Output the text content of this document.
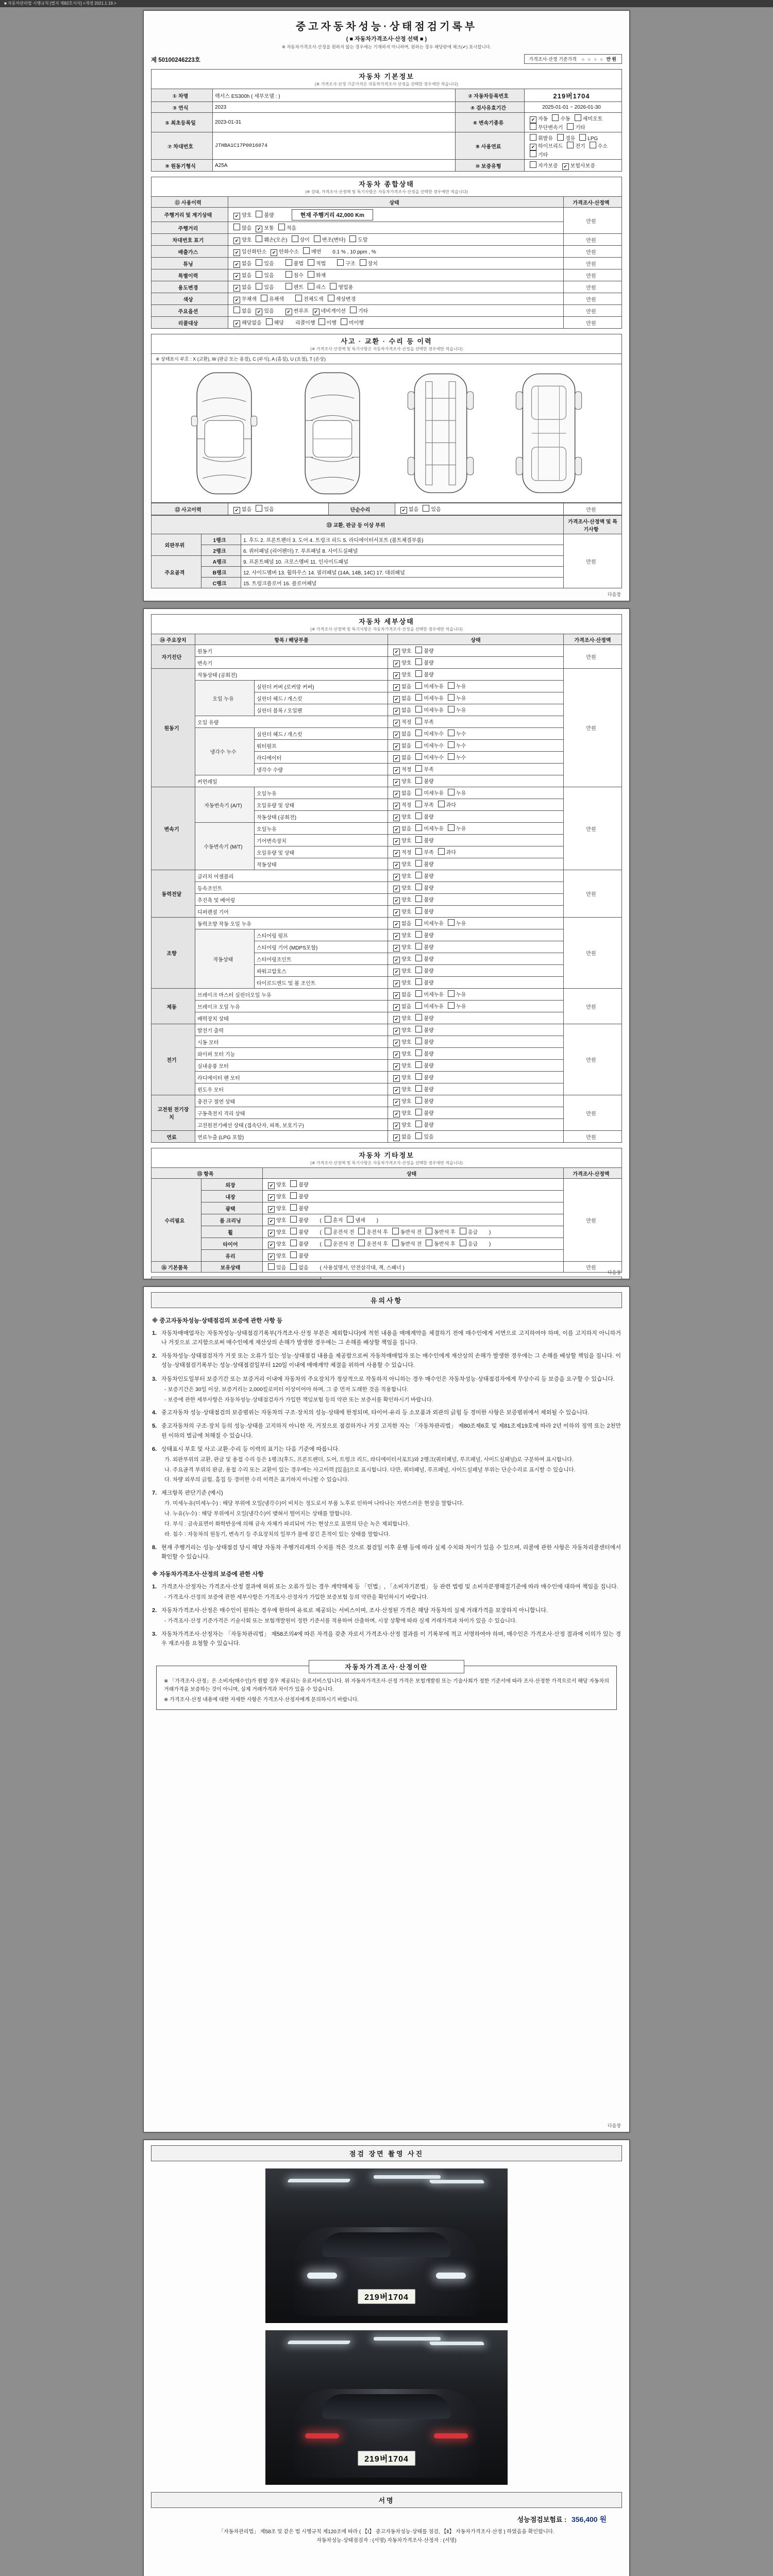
■ 자동차관리법 시행규칙 [별지 제82호서식] <개정 2021.1.19.>
중고자동차성능·상태점검기록부
( ■ 자동차가격조사·산정 선택 ■ )
※ 자동차가격조사·산정을 원하지 않는 경우에는 기재하지 아니하며, 원하는 경우 해당란에 체크(✔) 표시합니다.
제 50100246223호	가격조사·산정 기준가격 ○ ○ ○ ○ 만원
자동차 기본정보
(※ 가격조사·산정 기준가격은 자동차가격조사·산정을 선택한 경우에만 적습니다)
① 차명	렉서스 ES300h ( 세부모델 : )	② 자동차등록번호	219버1704
③ 연식	2023	④ 검사유효기간	2025-01-01 ~ 2026-01-30
⑤ 최초등록일	2023-01-31	⑥ 변속기종류	✔ 자동 수동 세미오토무단변속기 기타
⑦ 차대번호	JTHBA1C17P0016074	⑧ 사용연료	휘발유 경유 LPG✔ 하이브리드 전기 수소기타
⑨ 원동기형식	A25A	⑩ 보증유형	자가보증 ✔ 보험사보증
자동차 종합상태
(※ 상태, 가격조사·산정액 및 특기사항은 자동차가격조사·산정을 선택한 경우에만 적습니다)
⑪ 사용이력	상태	가격조사·산정액
주행거리 및 계기상태	✔ 양호 불량 현재 주행거리 42,000 Km	만원
주행거리	많음 ✔ 보통 적음	
차대번호 표기	✔ 양호 훼손(오손) 상이 변조(변타) 도말	만원
배출가스	✔ 일산화탄소 ✔ 탄화수소 매연 0.1 % , 10 ppm , %	만원
튜닝	✔ 없음 있음 불법 적법 구조 장치	만원
특별이력	✔ 없음 있음 침수 화재	만원
용도변경	✔ 없음 있음 렌트 리스 영업용	만원
색상	✔ 무채색 유채색 전체도색 색상변경	만원
주요옵션	없음 ✔ 있음 ✔ 썬루프 ✔ 네비게이션 기타	만원
리콜대상	✔ 해당없음 해당 리콜이행 이행 미이행	만원
사고 · 교환 · 수리 등 이력
(※ 가격조사·산정액 및 특기사항은 자동차가격조사·산정을 선택한 경우에만 적습니다)
※ 상태표시 부호 : X (교환), W (판금 또는 용접), C (부식), A (흠집), U (요철), T (손상)
⑫ 사고이력	✔ 없음 있음	단순수리	✔ 없음 있음	만원
⑬ 교환, 판금 등 이상 부위			가격조사·산정액 및 특기사항
외판부위	1랭크	1. 후드 2. 프론트펜더 3. 도어 4. 트렁크 리드 5. 라디에이터서포트 (볼트체결부품)	만원
	2랭크	6. 쿼터패널 (리어펜더) 7. 루프패널 8. 사이드실패널	
주요골격	A랭크	9. 프론트패널 10. 크로스멤버 11. 인사이드패널	
	B랭크	12. 사이드멤버 13. 휠하우스 14. 필러패널 (14A, 14B, 14C) 17. 대쉬패널	
	C랭크	15. 트렁크플로어 16. 플로어패널	
다음장
자동차 세부상태
(※ 가격조사·산정액 및 특기사항은 자동차가격조사·산정을 선택한 경우에만 적습니다)
⑭ 주요장치	항목 / 해당부품		상태	가격조사·산정액
자기진단	원동기		✔ 양호 불량	만원
	변속기		✔ 양호 불량	
원동기	작동상태 (공회전)		✔ 양호 불량	만원
	오일 누유	실린더 커버 (로커암 커버)	✔ 없음 미세누유 누유	
		실린더 헤드 / 개스킷	✔ 없음 미세누유 누유	
		실린더 블록 / 오일팬	✔ 없음 미세누유 누유	
	오일 유량		✔ 적정 부족	
	냉각수 누수	실린더 헤드 / 개스킷	✔ 없음 미세누수 누수	
		워터펌프	✔ 없음 미세누수 누수	
		라디에이터	✔ 없음 미세누수 누수	
		냉각수 수량	✔ 적정 부족	
	커먼레일		✔ 양호 불량	
변속기	자동변속기 (A/T)	오일누유	✔ 없음 미세누유 누유	만원
		오일유량 및 상태	✔ 적정 부족 과다	
		작동상태 (공회전)	✔ 양호 불량	
	수동변속기 (M/T)	오일누유	✔ 없음 미세누유 누유	
		기어변속장치	✔ 양호 불량	
		오일유량 및 상태	✔ 적정 부족 과다	
		작동상태	✔ 양호 불량	
동력전달	클러치 어셈블리		✔ 양호 불량	만원
	등속조인트		✔ 양호 불량	
	추진축 및 베어링		✔ 양호 불량	
	디퍼렌셜 기어		✔ 양호 불량	
조향	동력조향 작동 오일 누유		✔ 없음 미세누유 누유	만원
	작동상태	스티어링 펌프	✔ 양호 불량	
		스티어링 기어 (MDPS포함)	✔ 양호 불량	
		스티어링조인트	✔ 양호 불량	
		파워고압호스	✔ 양호 불량	
		타이로드엔드 및 볼 조인트	✔ 양호 불량	
제동	브레이크 마스터 실린더오일 누유		✔ 없음 미세누유 누유	만원
	브레이크 오일 누유		✔ 없음 미세누유 누유	
	배력장치 상태		✔ 양호 불량	
전기	발전기 출력		✔ 양호 불량	만원
	시동 모터		✔ 양호 불량	
	와이퍼 모터 기능		✔ 양호 불량	
	실내송풍 모터		✔ 양호 불량	
	라디에이터 팬 모터		✔ 양호 불량	
	윈도우 모터		✔ 양호 불량	
고전원 전기장치	충전구 절연 상태		✔ 양호 불량	만원
	구동축전지 격리 상태		✔ 양호 불량	
	고전원전기배선 상태 (접속단자, 피복, 보호기구)		✔ 양호 불량	
연료	연료누출 (LPG 포함)		✔ 없음 있음	만원
자동차 기타정보
(※ 가격조사·산정액 및 특기사항은 자동차가격조사·산정을 선택한 경우에만 적습니다)
⑮ 항목		상태	가격조사·산정액
수리필요	외장	✔ 양호 불량	만원
	내장	✔ 양호 불량	
	광택	✔ 양호 불량	
	룸 크리닝	✔ 양호 불량 ( 흔적 냄새 )	
	휠	✔ 양호 불량 ( 운전석 전 운전석 후 동반석 전 동반석 후 응급 )	
	타이어	✔ 양호 불량 ( 운전석 전 운전석 후 동반석 전 동반석 후 응급 )	
	유리	✔ 양호 불량	
⑯ 기본품목	보유상태	있음 없음 ( 사용설명서, 안전삼각대, 잭, 스패너 )	만원

다음장
유의사항
※ 중고자동차성능·상태점검의 보증에 관한 사항 등
1. 자동차매매업자는 자동차성능·상태점검기록부(가격조사·산정 부분은 제외합니다)에 적힌 내용을 매매계약을 체결하기 전에 매수인에게 서면으로 고지하여야 하며, 이를 고지하지 아니하거나 거짓으로 고지함으로써 매수인에게 재산상의 손해가 발생한 경우에는 그 손해를 배상할 책임을 집니다.
2. 자동차성능·상태점검자가 거짓 또는 오류가 있는 성능·상태점검 내용을 제공함으로써 자동차매매업자 또는 매수인에게 재산상의 손해가 발생한 경우에는 그 손해를 배상할 책임을 집니다. 이 성능·상태점검기록부는 성능·상태점검일부터 120일 이내에 매매계약 체결을 위하여 사용할 수 있습니다.
3. 자동차인도일부터 보증기간 또는 보증거리 이내에 자동차의 주요장치가 정상적으로 작동하지 아니하는 경우 매수인은 자동차성능·상태점검자에게 무상수리 등 보증을 요구할 수 있습니다.
- 보증기간은 30일 이상, 보증거리는 2,000킬로미터 이상이어야 하며, 그 중 먼저 도래한 것을 적용합니다.
- 보증에 관한 세부사항은 자동차성능·상태점검자가 가입한 책임보험 등의 약관 또는 보증서를 확인하시기 바랍니다.
4. 중고자동차 성능·상태점검의 보증범위는 자동차의 구조·장치의 성능·상태에 한정되며, 타이어·유리 등 소모품과 외관의 긁힘 등 경미한 사항은 보증범위에서 제외될 수 있습니다.
5. 중고자동차의 구조·장치 등의 성능·상태를 고지하지 아니한 자, 거짓으로 점검하거나 거짓 고지한 자는 「자동차관리법」 제80조제6호 및 제81조제19호에 따라 2년 이하의 징역 또는 2천만원 이하의 벌금에 처해질 수 있습니다.
6. 상태표시 부호 및 사고·교환·수리 등 이력의 표기는 다음 기준에 따릅니다.
가. 외판부위의 교환, 판금 및 용접 수리 등은 1랭크(후드, 프론트펜더, 도어, 트렁크 리드, 라디에이터서포트)와 2랭크(쿼터패널, 루프패널, 사이드실패널)로 구분하여 표시합니다.
나. 주요골격 부위의 판금, 용접 수리 또는 교환이 있는 경우에는 사고이력 [있음]으로 표시합니다. 다만, 쿼터패널, 루프패널, 사이드실패널 부위는 단순수리로 표시할 수 있습니다.
다. 차량 외부의 긁힘, 흠집 등 경미한 수리 이력은 표기하지 아니할 수 있습니다.
7. 체크항목 판단기준 (예시)
가. 미세누유(미세누수) : 해당 부위에 오일(냉각수)이 비치는 정도로서 부품 노후로 인하여 나타나는 자연스러운 현상을 말합니다.
나. 누유(누수) : 해당 부위에서 오일(냉각수)이 맺혀서 떨어지는 상태를 말합니다.
다. 부식 : 금속표면이 화학반응에 의해 금속 자체가 파괴되어 가는 현상으로 표면의 단순 녹은 제외합니다.
라. 침수 : 자동차의 원동기, 변속기 등 주요장치의 일부가 물에 잠긴 흔적이 있는 상태를 말합니다.
8. 현재 주행거리는 성능·상태점검 당시 해당 자동차 주행거리계의 수치를 적은 것으로 점검일 이후 운행 등에 따라 실제 수치와 차이가 있을 수 있으며, 리콜에 관한 사항은 자동차리콜센터에서 확인할 수 있습니다.
※ 자동차가격조사·산정의 보증에 관한 사항
1. 가격조사·산정자는 가격조사·산정 결과에 허위 또는 오류가 있는 경우 계약해제 등 「민법」, 「소비자기본법」 등 관련 법령 및 소비자분쟁해결기준에 따라 매수인에 대하여 책임을 집니다.
- 가격조사·산정의 보증에 관한 세부사항은 가격조사·산정자가 가입한 보증보험 등의 약관을 확인하시기 바랍니다.
2. 자동차가격조사·산정은 매수인이 원하는 경우에 한하여 유료로 제공되는 서비스이며, 조사·산정된 가격은 해당 자동차의 실제 거래가격을 보장하지 아니합니다.
- 가격조사·산정 기준가격은 기술사회 또는 보험개발원이 정한 기준서를 적용하여 산출하며, 시장 상황에 따라 실제 거래가격과 차이가 있을 수 있습니다.
3. 자동차가격조사·산정자는 「자동차관리법」 제58조의4에 따른 자격을 갖춘 자로서 가격조사·산정 결과를 이 기록부에 적고 서명하여야 하며, 매수인은 가격조사·산정 결과에 이의가 있는 경우 재조사를 요청할 수 있습니다.
자동차가격조사·산정이란
※ 「가격조사·산정」은 소비자(매수인)가 원할 경우 제공되는 유료서비스입니다. 위 자동차가격조사·산정 가격은 보험개발원 또는 기술사회가 정한 기준서에 따라 조사·산정한 가격으로서 해당 자동차의 거래가격을 보증하는 것이 아니며, 실제 거래가격과 차이가 있을 수 있습니다.
※ 가격조사·산정 내용에 대한 자세한 사항은 가격조사·산정자에게 문의하시기 바랍니다.
다음장
점검 장면 촬영 사진
219버1704
219버1704
서명
성능점검보험료 : 356,400 원
「자동차관리법」 제58조 및 같은 법 시행규칙 제120조에 따라 ( 【Ⅰ】 중고자동차성능·상태를 점검, 【Ⅱ】 자동차가격조사·산정 ) 하였음을 확인합니다.
자동차성능·상태점검자 : (서명) 자동차가격조사·산정자 : (서명)
